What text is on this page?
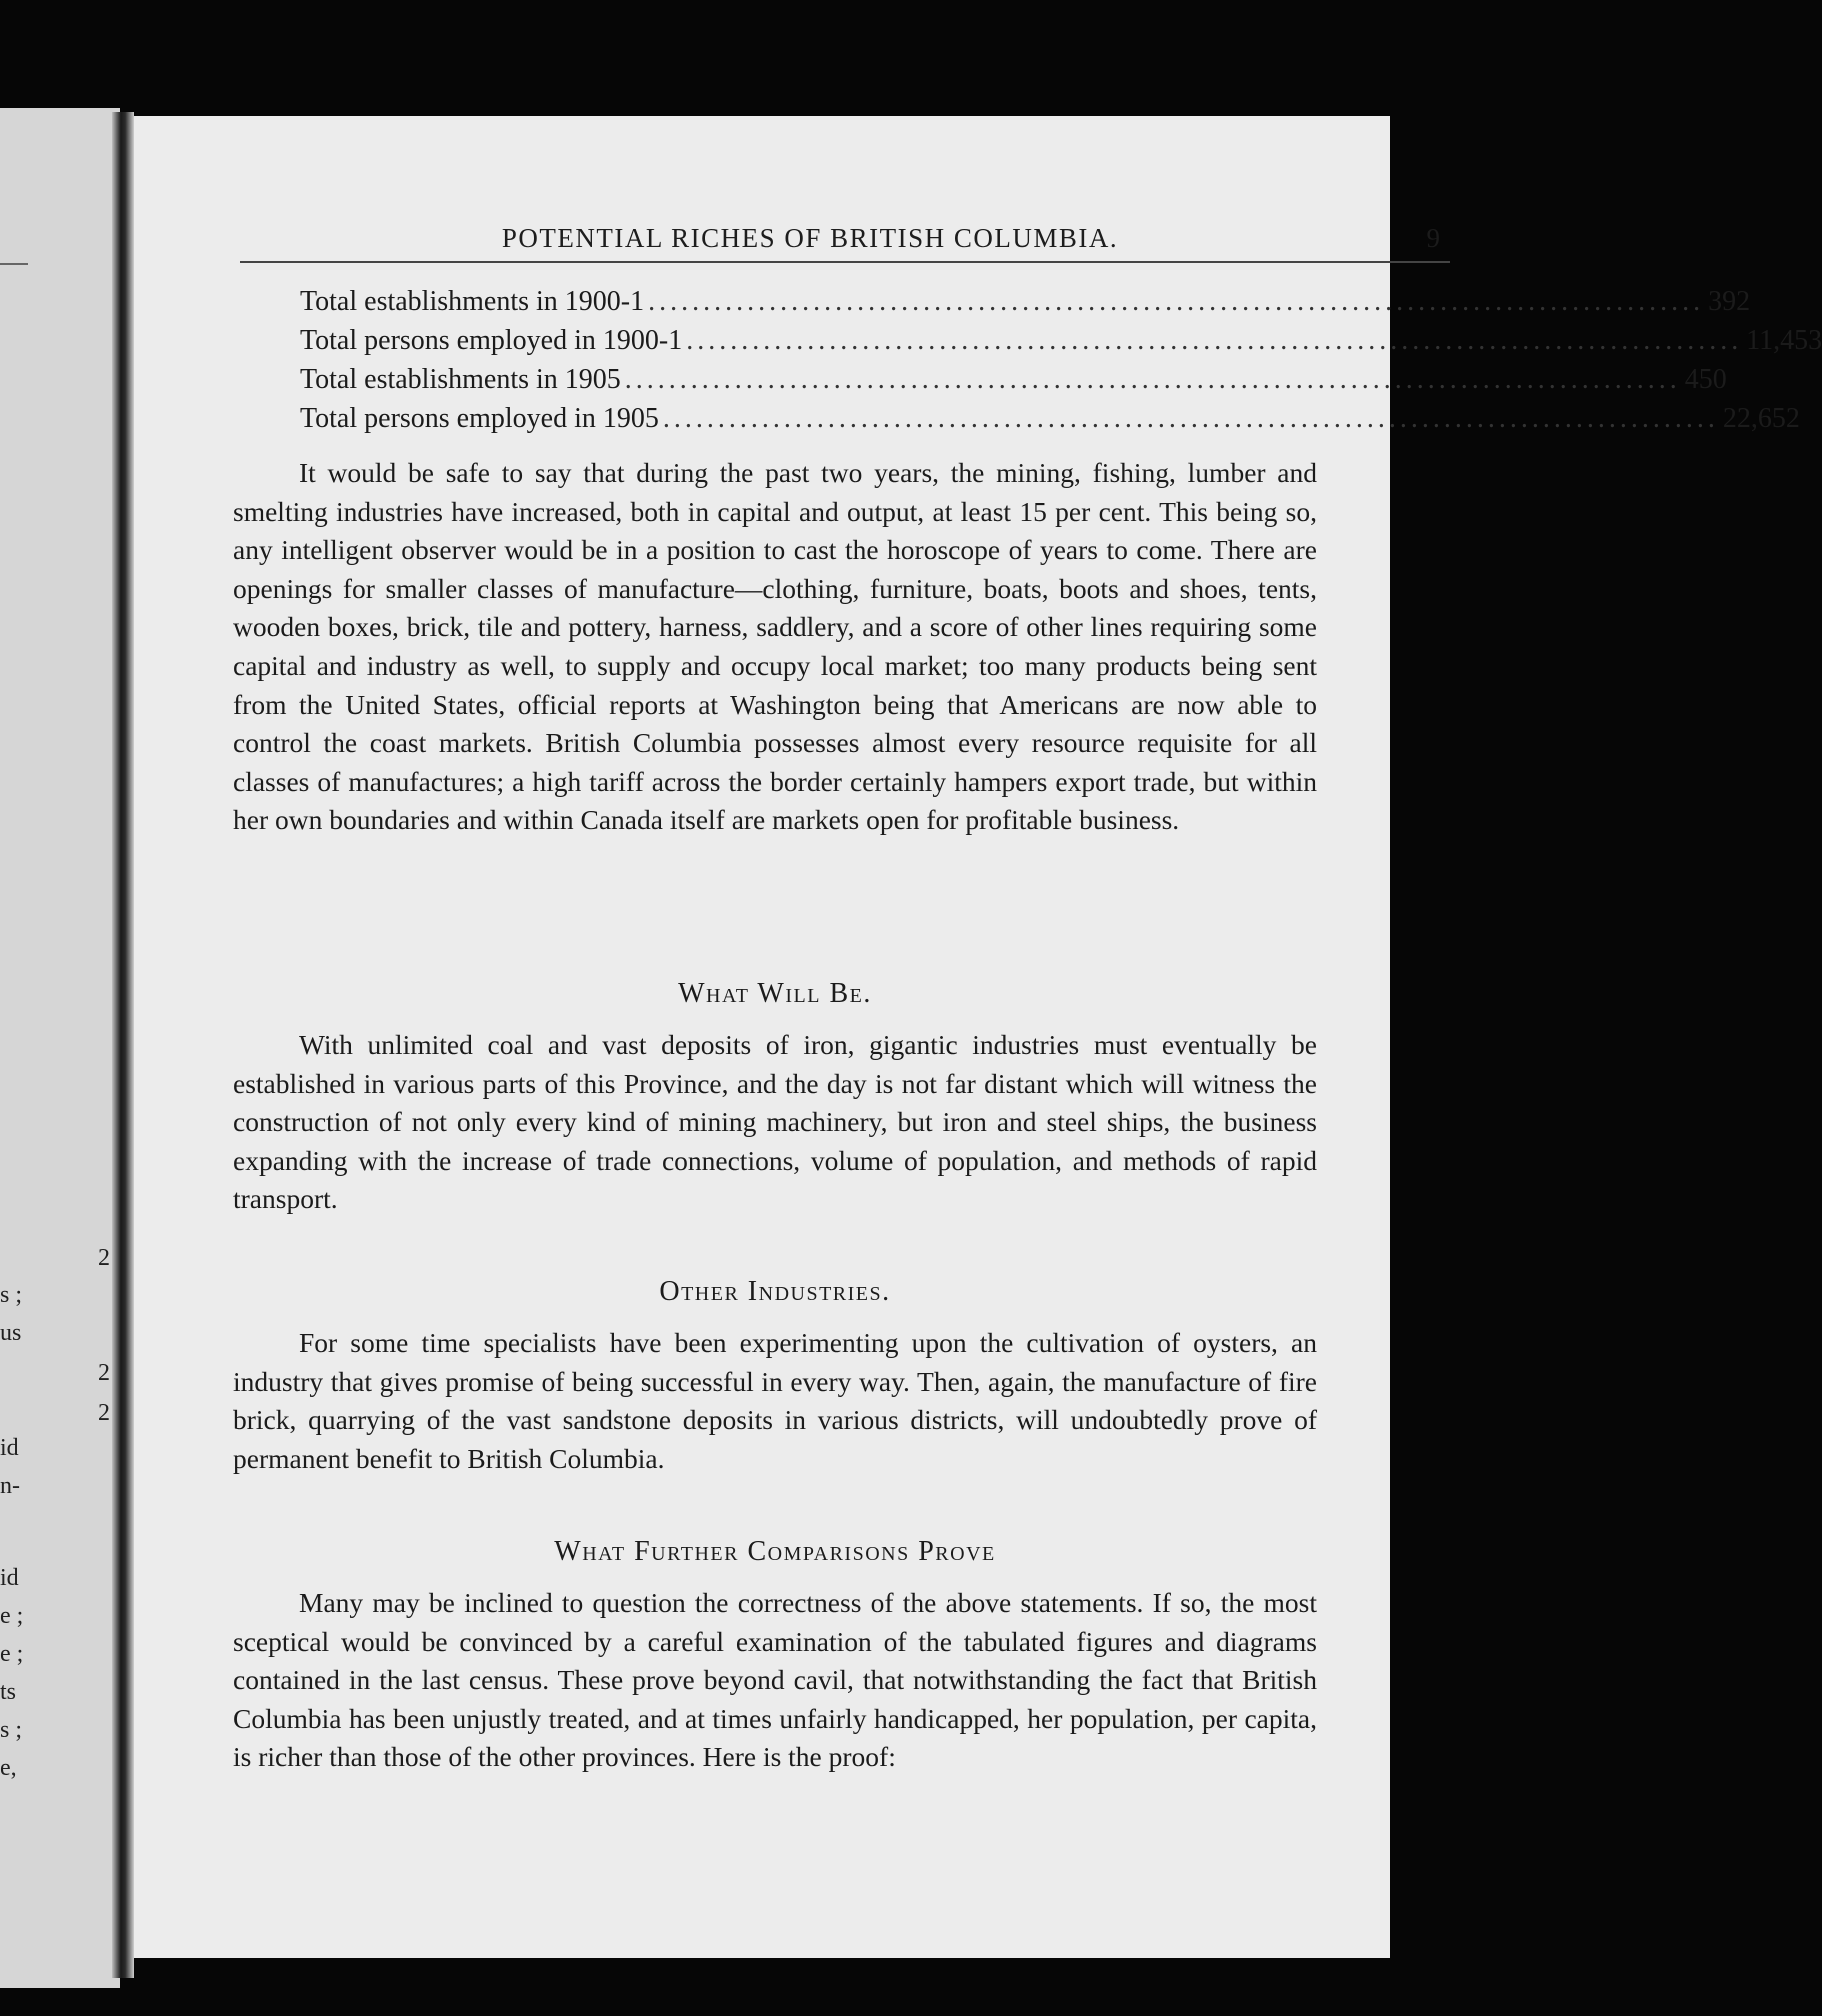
2
s ;
us
2
2
id
n-
id
e ;
e ;
ts
s ;
e,
POTENTIAL RICHES OF BRITISH COLUMBIA.	9
Total establishments in 1900-1 ................................................................................................ 392
Total persons employed in 1900-1 ................................................................................................ 11,453
Total establishments in 1905 ................................................................................................ 450
Total persons employed in 1905 ................................................................................................ 22,652

It would be safe to say that during the past two years, the mining, fishing, lumber and smelting industries have increased, both in capital and output, at least 15 per cent. This being so, any intelligent observer would be in a position to cast the horoscope of years to come. There are openings for smaller classes of manufacture—clothing, furniture, boats, boots and shoes, tents, wooden boxes, brick, tile and pottery, harness, saddlery, and a score of other lines requiring some capital and industry as well, to supply and occupy local market; too many products being sent from the United States, official reports at Washington being that Americans are now able to control the coast markets. British Columbia possesses almost every resource requisite for all classes of manufactures; a high tariff across the border certainly hampers export trade, but within her own boundaries and within Canada itself are markets open for profitable business.

What Will Be.

With unlimited coal and vast deposits of iron, gigantic industries must eventually be established in various parts of this Province, and the day is not far distant which will witness the construction of not only every kind of mining machinery, but iron and steel ships, the business expanding with the increase of trade connections, volume of population, and methods of rapid transport.

Other Industries.

For some time specialists have been experimenting upon the cultivation of oysters, an industry that gives promise of being successful in every way. Then, again, the manufacture of fire brick, quarrying of the vast sandstone deposits in various districts, will undoubtedly prove of permanent benefit to British Columbia.

What Further Comparisons Prove

Many may be inclined to question the correctness of the above statements. If so, the most sceptical would be convinced by a careful examination of the tabulated figures and diagrams contained in the last census. These prove beyond cavil, that notwithstanding the fact that British Columbia has been unjustly treated, and at times unfairly handicapped, her population, per capita, is richer than those of the other provinces. Here is the proof:
